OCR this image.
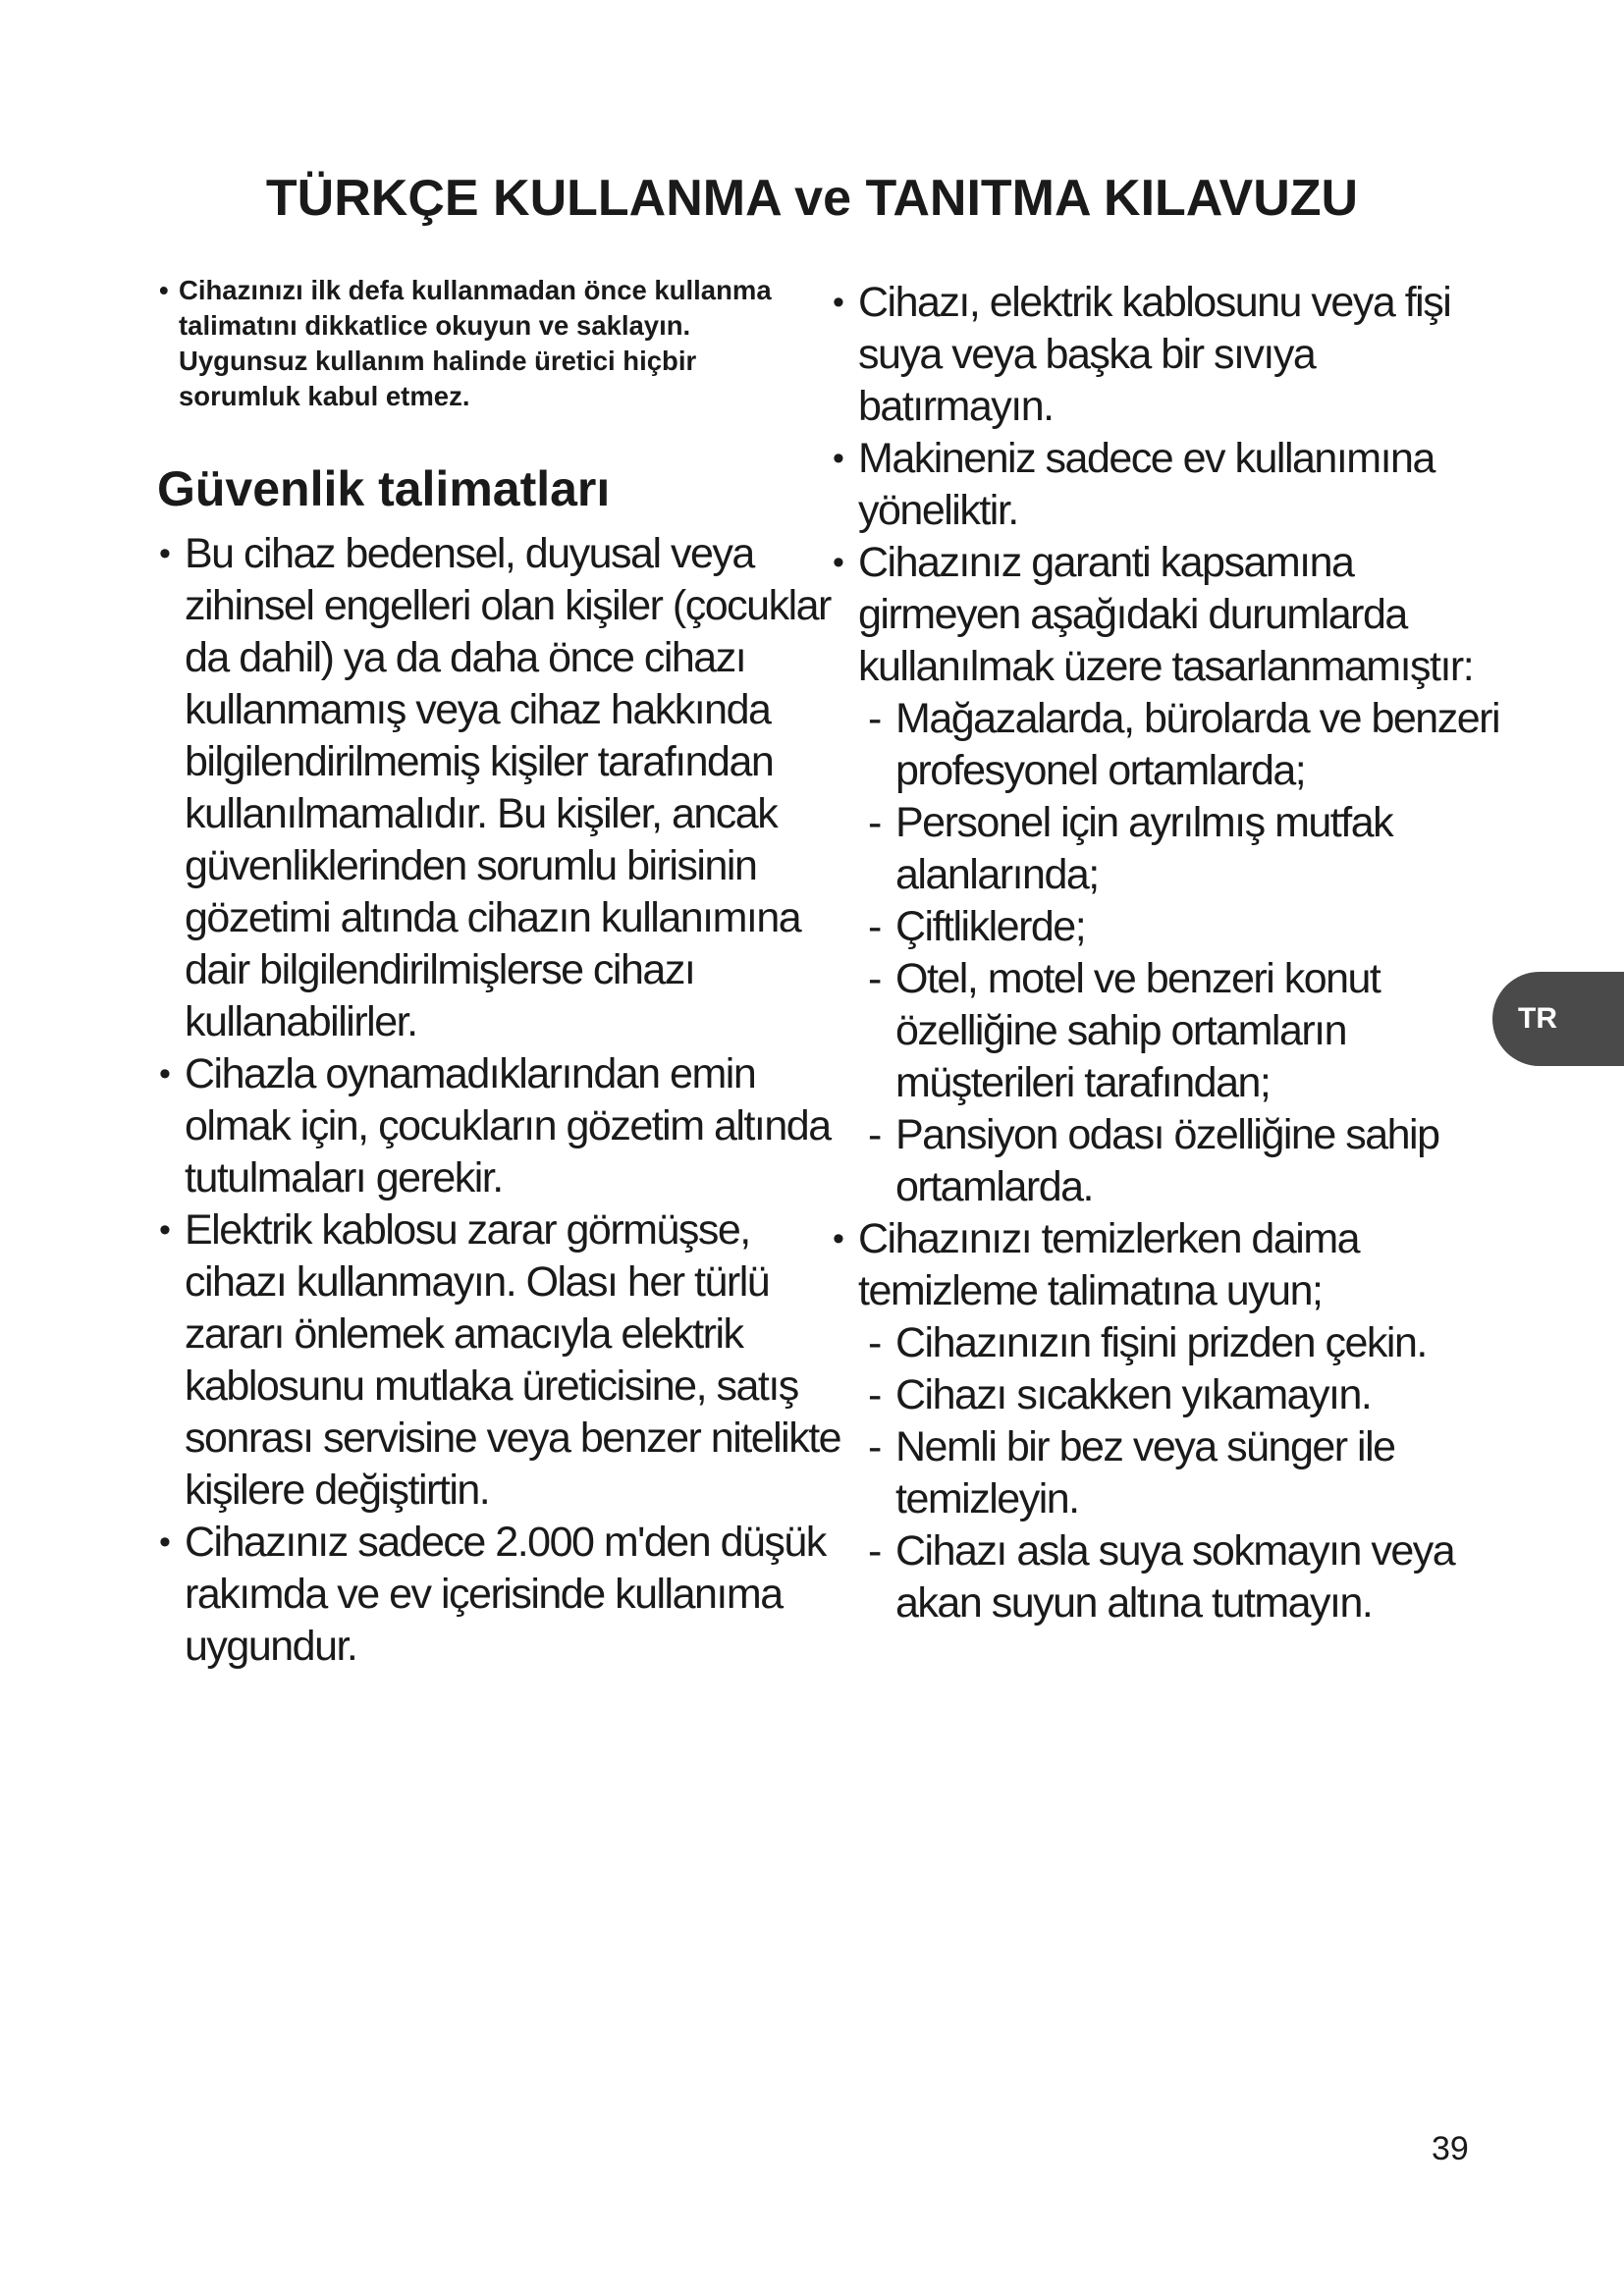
TÜRKÇE KULLANMA ve TANITMA KILAVUZU

• Cihazınızı ilk defa kullanmadan önce kullanma talimatını dikkatlice okuyun ve saklayın. Uygunsuz kullanım halinde üretici hiçbir sorumluk kabul etmez.

Güvenlik talimatları
• Bu cihaz bedensel, duyusal veya zihinsel engelleri olan kişiler (çocuklar da dahil) ya da daha önce cihazı kullanmamış veya cihaz hakkında bilgilendirilmemiş kişiler tarafından kullanılmamalıdır. Bu kişiler, ancak güvenliklerinden sorumlu birisinin gözetimi altında cihazın kullanımına dair bilgilendirilmişlerse cihazı kullanabilirler.
• Cihazla oynamadıklarından emin olmak için, çocukların gözetim altında tutulmaları gerekir.
• Elektrik kablosu zarar görmüşse, cihazı kullanmayın. Olası her türlü zararı önlemek amacıyla elektrik kablosunu mutlaka üreticisine, satış sonrası servisine veya benzer nitelikte kişilere değiştirtin.
• Cihazınız sadece 2.000 m'den düşük rakımda ve ev içerisinde kullanıma uygundur.
• Cihazı, elektrik kablosunu veya fişi suya veya başka bir sıvıya batırmayın.
• Makineniz sadece ev kullanımına yöneliktir.
• Cihazınız garanti kapsamına girmeyen aşağıdaki durumlarda kullanılmak üzere tasarlanmamıştır:
- Mağazalarda, bürolarda ve benzeri profesyonel ortamlarda;
- Personel için ayrılmış mutfak alanlarında;
- Çiftliklerde;
- Otel, motel ve benzeri konut özelliğine sahip ortamların müşterileri tarafından;
- Pansiyon odası özelliğine sahip ortamlarda.
• Cihazınızı temizlerken daima temizleme talimatına uyun;
- Cihazınızın fişini prizden çekin.
- Cihazı sıcakken yıkamayın.
- Nemli bir bez veya sünger ile temizleyin.
- Cihazı asla suya sokmayın veya akan suyun altına tutmayın.
TR
39
